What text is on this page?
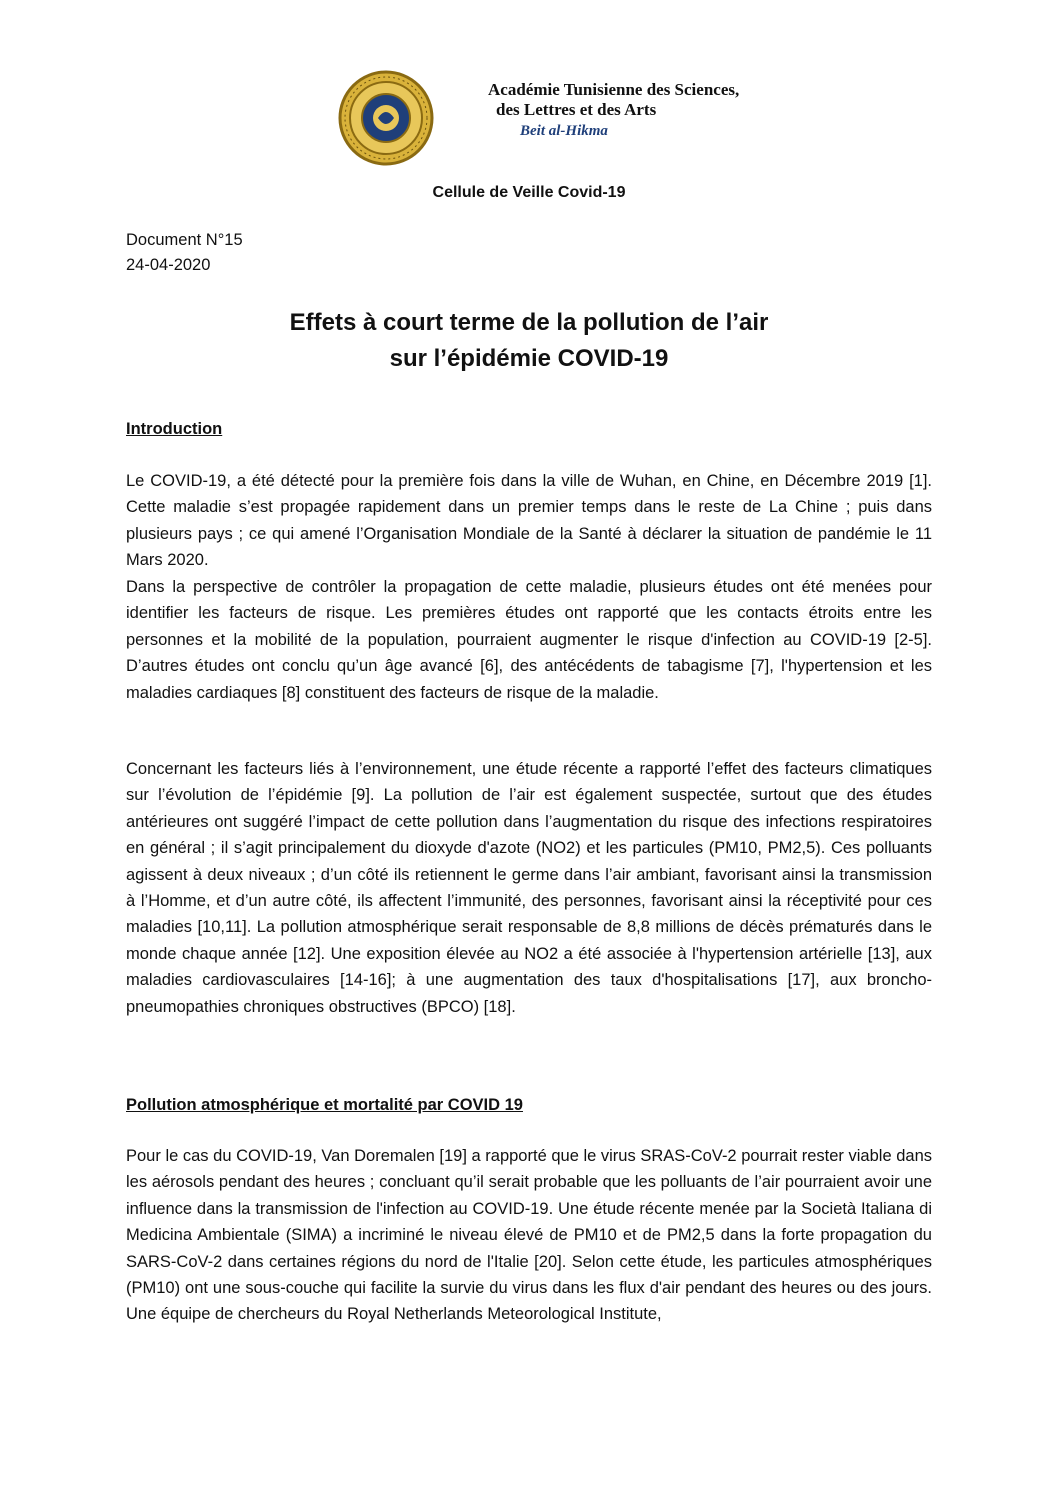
Académie Tunisienne des Sciences,
des Lettres et des Arts
Beit al-Hikma
Cellule de Veille Covid-19
Document N°15
24-04-2020
Effets à court terme de la pollution de l’air
sur l’épidémie COVID-19
Introduction

Le COVID-19, a été détecté pour la première fois dans la ville de Wuhan, en Chine, en Décembre 2019 [1]. Cette maladie s’est propagée rapidement dans un premier temps dans le reste de La Chine ; puis dans plusieurs pays ; ce qui amené l’Organisation Mondiale de la Santé à déclarer la situation de pandémie le 11 Mars 2020.

Dans la perspective de contrôler la propagation de cette maladie, plusieurs études ont été menées pour identifier les facteurs de risque. Les premières études ont rapporté que les contacts étroits entre les personnes et la mobilité de la population, pourraient augmenter le risque d'infection au COVID-19 [2-5]. D’autres études ont conclu qu’un âge avancé [6], des antécédents de tabagisme [7], l'hypertension et les maladies cardiaques [8] constituent des facteurs de risque de la maladie.

Concernant les facteurs liés à l’environnement, une étude récente a rapporté l’effet des facteurs climatiques sur l’évolution de l’épidémie [9]. La pollution de l’air est également suspectée, surtout que des études antérieures ont suggéré l’impact de cette pollution dans l’augmentation du risque des infections respiratoires en général ; il s’agit principalement du dioxyde d'azote (NO2) et les particules (PM10, PM2,5). Ces polluants agissent à deux niveaux ; d’un côté ils retiennent le germe dans l’air ambiant, favorisant ainsi la transmission à l’Homme, et d’un autre côté, ils affectent l’immunité, des personnes, favorisant ainsi la réceptivité pour ces maladies [10,11]. La pollution atmosphérique serait responsable de 8,8 millions de décès prématurés dans le monde chaque année [12]. Une exposition élevée au NO2 a été associée à l'hypertension artérielle [13], aux maladies cardiovasculaires [14-16]; à une augmentation des taux d'hospitalisations [17], aux broncho-pneumopathies chroniques obstructives (BPCO) [18].

Pollution atmosphérique et mortalité par COVID 19

Pour le cas du COVID-19, Van Doremalen [19] a rapporté que le virus SRAS-CoV-2 pourrait rester viable dans les aérosols pendant des heures ; concluant qu’il serait probable que les polluants de l’air pourraient avoir une influence dans la transmission de l'infection au COVID-19. Une étude récente menée par la Società Italiana di Medicina Ambientale (SIMA) a incriminé le niveau élevé de PM10 et de PM2,5 dans la forte propagation du SARS-CoV-2 dans certaines régions du nord de l'Italie [20]. Selon cette étude, les particules atmosphériques (PM10) ont une sous-couche qui facilite la survie du virus dans les flux d'air pendant des heures ou des jours. Une équipe de chercheurs du Royal Netherlands Meteorological Institute,
